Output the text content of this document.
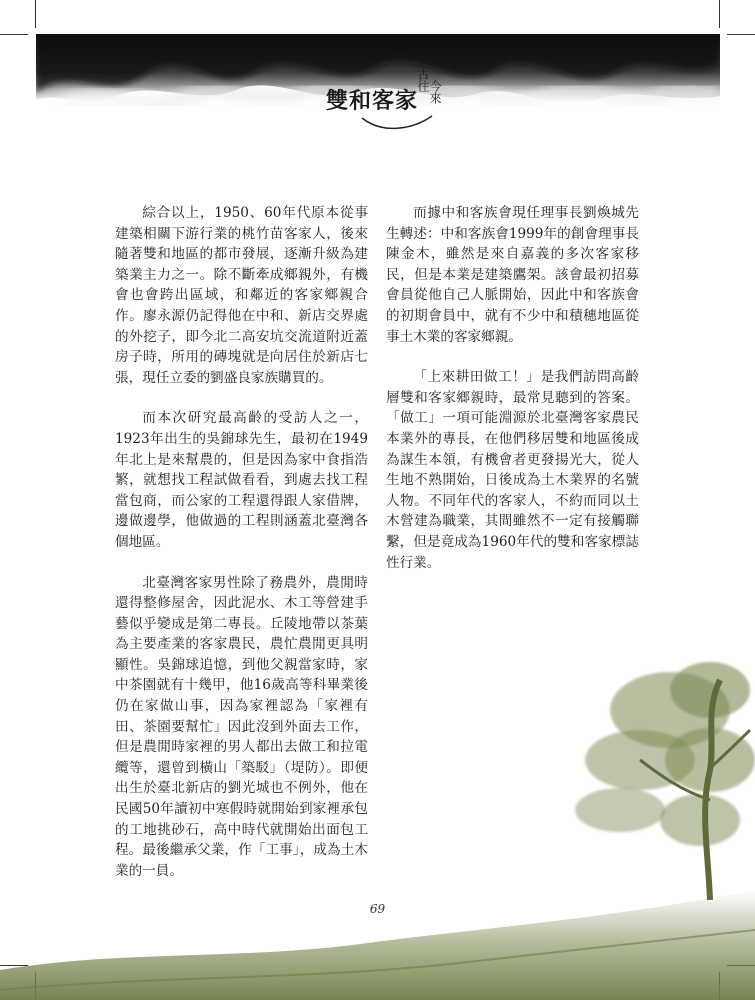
雙和客家
古往
今來

綜合以上，1950、60年代原本從事建築相關下游行業的桃竹苗客家人，後來隨著雙和地區的都市發展，逐漸升級為建築業主力之一。除不斷牽成鄉親外，有機會也會跨出區域，和鄰近的客家鄉親合作。廖永源仍記得他在中和、新店交界處的外挖子，即今北二高安坑交流道附近蓋房子時，所用的磚塊就是向居住於新店七張，現任立委的劉盛良家族購買的。

而本次研究最高齡的受訪人之一，1923年出生的吳錦球先生，最初在1949年北上是來幫農的，但是因為家中食指浩繁，就想找工程試做看看，到處去找工程當包商，而公家的工程還得跟人家借牌，邊做邊學，他做過的工程則涵蓋北臺灣各個地區。

北臺灣客家男性除了務農外，農閒時還得整修屋舍，因此泥水、木工等營建手藝似乎變成是第二專長。丘陵地帶以茶葉為主要產業的客家農民，農忙農閒更具明顯性。吳錦球追憶，到他父親當家時，家中茶園就有十幾甲，他16歲高等科畢業後仍在家做山事，因為家裡認為「家裡有田、茶園要幫忙」因此沒到外面去工作，但是農閒時家裡的男人都出去做工和拉電纜等，還曾到橫山「築駁」（堤防）。即便出生於臺北新店的劉光城也不例外，他在民國50年讀初中寒假時就開始到家裡承包的工地挑砂石，高中時代就開始出面包工程。最後繼承父業，作「工事」，成為土木業的一員。

而據中和客族會現任理事長劉煥城先生轉述：中和客族會1999年的創會理事長陳金木，雖然是來自嘉義的多次客家移民，但是本業是建築鷹架。該會最初招募會員從他自己人脈開始，因此中和客族會的初期會員中，就有不少中和積穗地區從事土木業的客家鄉親。

「上來耕田做工！」是我們訪問高齡層雙和客家鄉親時，最常見聽到的答案。「做工」一項可能淵源於北臺灣客家農民本業外的專長，在他們移居雙和地區後成為謀生本領，有機會者更發揚光大，從人生地不熟開始，日後成為土木業界的名號人物。不同年代的客家人，不約而同以土木營建為職業，其間雖然不一定有接觸聯繫，但是竟成為1960年代的雙和客家標誌性行業。

69
